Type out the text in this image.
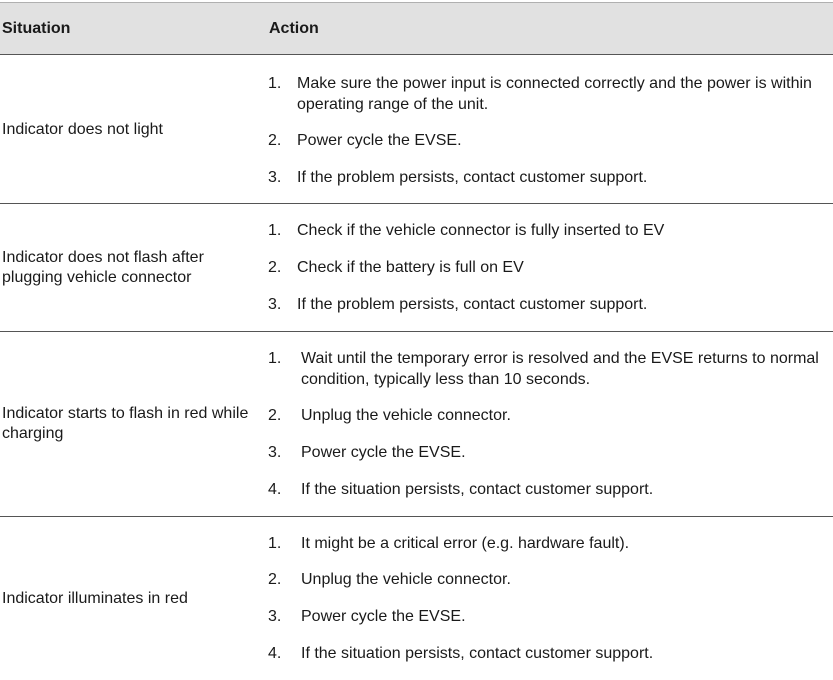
Situation	Action
Indicator does not light
1. Make sure the power input is connected correctly and the power is within operating range of the unit.
2. Power cycle the EVSE.
3. If the problem persists, contact customer support.
Indicator does not flash after plugging vehicle connector
1. Check if the vehicle connector is fully inserted to EV
2. Check if the battery is full on EV
3. If the problem persists, contact customer support.
Indicator starts to flash in red while charging
1. Wait until the temporary error is resolved and the EVSE returns to normal condition, typically less than 10 seconds.
2. Unplug the vehicle connector.
3. Power cycle the EVSE.
4. If the situation persists, contact customer support.
Indicator illuminates in red
1. It might be a critical error (e.g. hardware fault).
2. Unplug the vehicle connector.
3. Power cycle the EVSE.
4. If the situation persists, contact customer support.
